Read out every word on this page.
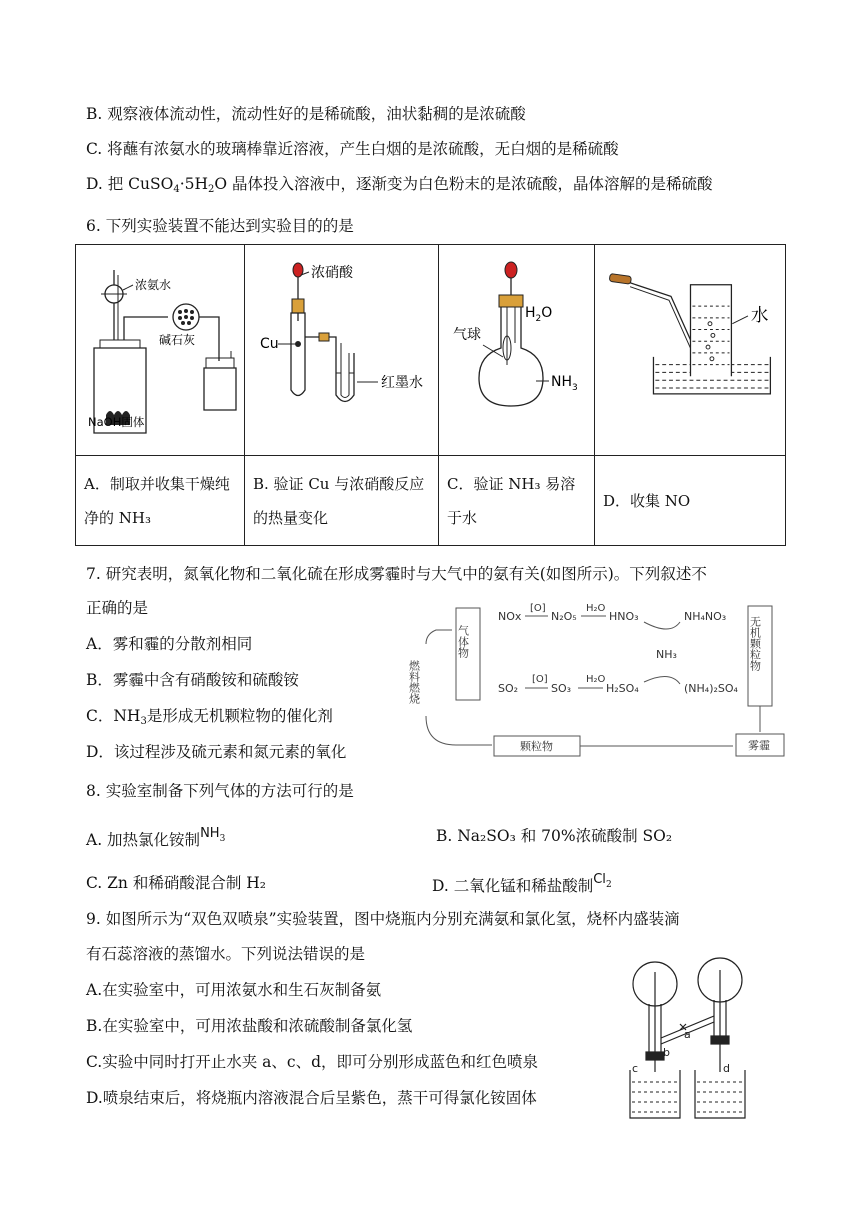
B. 观察液体流动性，流动性好的是稀硫酸，油状黏稠的是浓硫酸
C. 将蘸有浓氨水的玻璃棒靠近溶液，产生白烟的是浓硫酸，无白烟的是稀硫酸
D. 把 $CuSO_4\cdot 5H_2O$ 晶体投入溶液中，逐渐变为白色粉末的是浓硫酸，晶体溶解的是稀硫酸
6. 下列实验装置不能达到实验目的的是
浓氨水
碱石灰
NaOH固体	浓硝酸
Cu
红墨水	$H_2O$
气球
$NH_3$	水

A．制取并收集干燥纯净的 NH₃	B. 验证 Cu 与浓硝酸反应的热量变化	C．验证 NH₃ 易溶于水	D．收集 NO
7. 研究表明，氮氧化物和二氧化硫在形成雾霾时与大气中的氨有关(如图所示)。下列叙述不
正确的是
A．雾和霾的分散剂相同
B．雾霾中含有硝酸铵和硫酸铵
C．$NH_3$是形成无机颗粒物的催化剂
D．该过程涉及硫元素和氮元素的氧化
燃料燃烧
气体物
NOx
[O]
N₂O₅
H₂O
HNO₃	NH₄NO₃
NH₃
SO₂
[O]
SO₃
H₂O
H₂SO₄	(NH₄)₂SO₄
无机颗粒物
颗粒物	雾霾
8. 实验室制备下列气体的方法可行的是
A. 加热氯化铵制$^{NH3}$	B. Na₂SO₃ 和 70%浓硫酸制 SO₂
C. Zn 和稀硝酸混合制 H₂	D. 二氧化锰和稀盐酸制$^{Cl2}$
9. 如图所示为“双色双喷泉”实验装置，图中烧瓶内分别充满氨和氯化氢，烧杯内盛装滴
有石蕊溶液的蒸馏水。下列说法错误的是
A.在实验室中，可用浓氨水和生石灰制备氨
B.在实验室中，可用浓盐酸和浓硫酸制备氯化氢
C.实验中同时打开止水夹 a、c、d，即可分别形成蓝色和红色喷泉
D.喷泉结束后，将烧瓶内溶液混合后呈紫色，蒸干可得氯化铵固体
a
b
c	d
